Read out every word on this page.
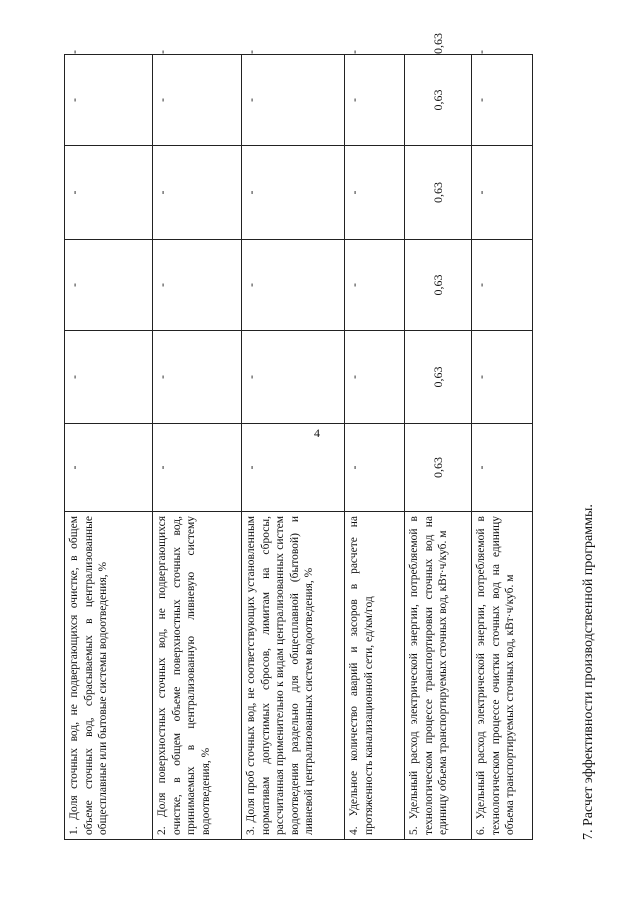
4
1. Доля сточных вод, не подвергающихся очистке, в общем объеме сточных вод, сбрасываемых в централизованные общесплавные или бытовые системы водоотведения, %	-	-	-	-	-	-
2. Доля поверхностных сточных вод, не подвергающихся очистке, в общем объеме поверхностных сточных вод, принимаемых в централизованную ливневую систему водоотведения, %	-	-	-	-	-	-
3. Доля проб сточных вод, не соответствующих установленным нормативам допустимых сбросов, лимитам на сбросы, рассчитанная применительно к видам централизованных систем водоотведения раздельно для общесплавной (бытовой) и ливневой централизованных систем водоотведения, %	-	-	-	-	-	-
4. Удельное количество аварий и засоров в расчете на протяженность канализационной сети, ед/км/год	-	-	-	-	-	-
5. Удельный расход электрической энергии, потребляемой в технологическом процессе транспортировки сточных вод на единицу объема транспортируемых сточных вод, кВт·ч/куб. м	0,63	0,63	0,63	0,63	0,63	0,63
6. Удельный расход электрической энергии, потребляемой в технологическом процессе очистки сточных вод на единицу объема транспортируемых сточных вод, кВт·ч/куб. м	-	-	-	-	-	-
7. Расчет эффективности производственной программы.
